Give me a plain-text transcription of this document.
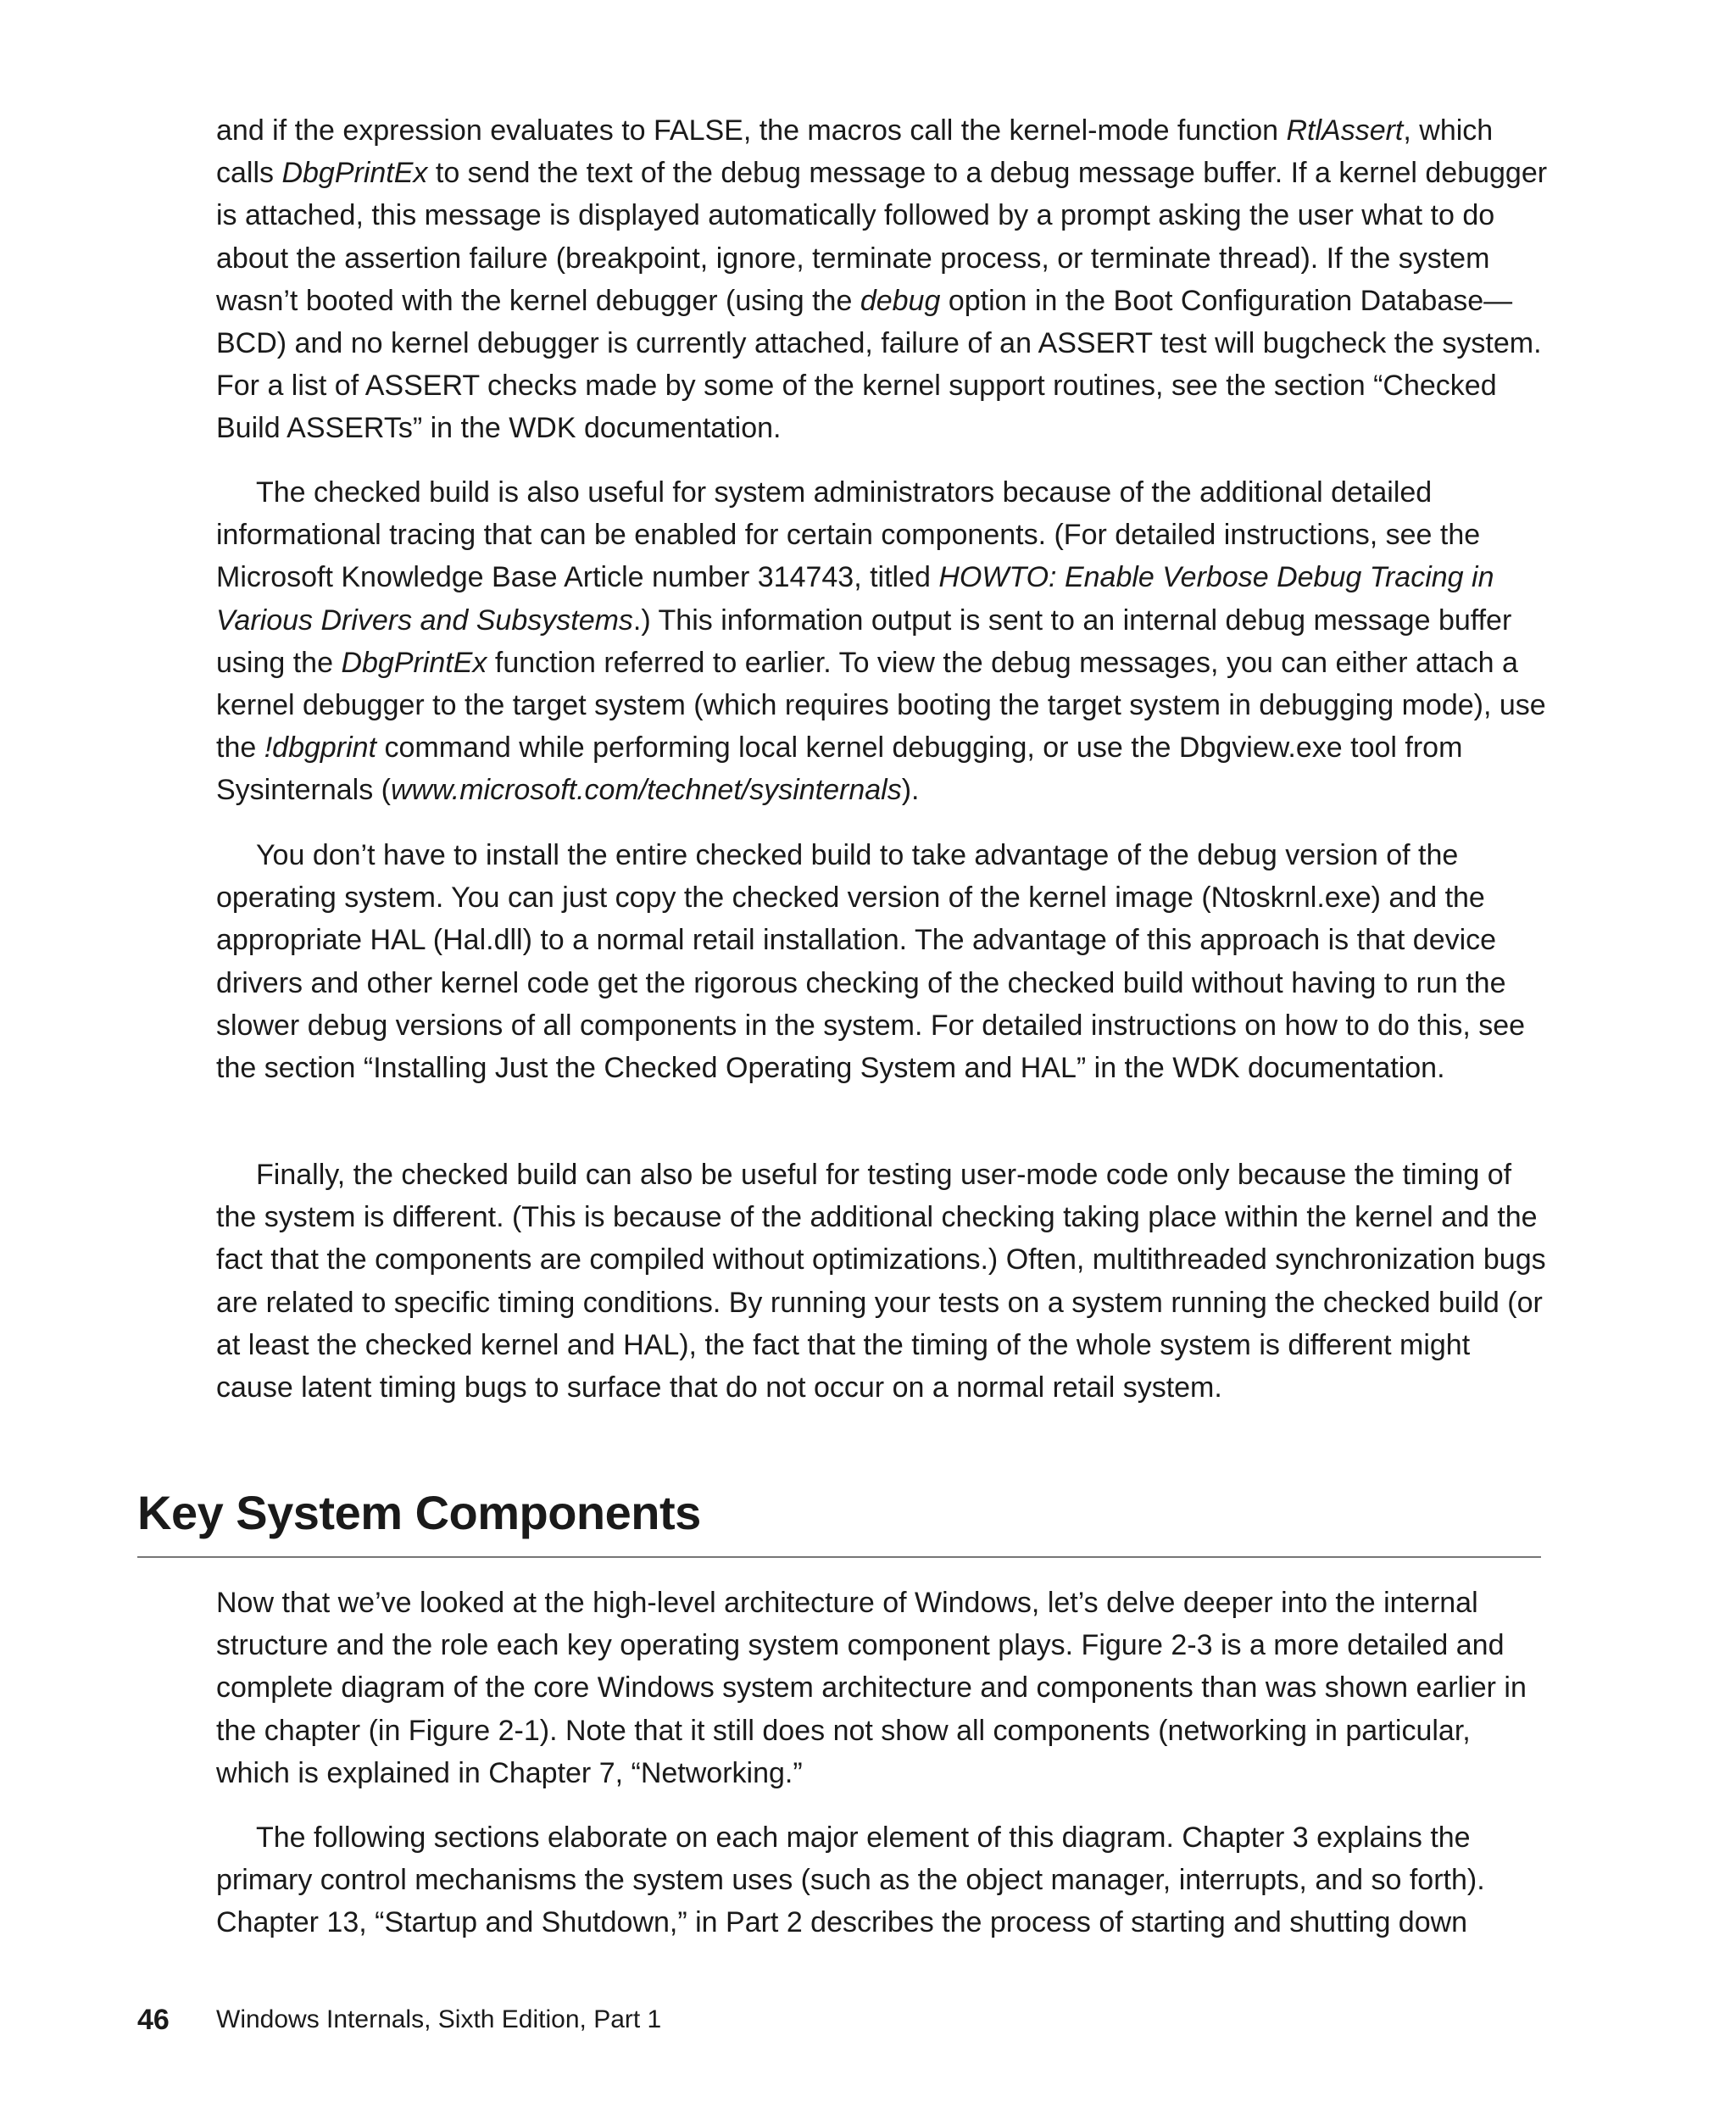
and if the expression evaluates to FALSE, the macros call the kernel-mode function RtlAssert, which calls DbgPrintEx to send the text of the debug message to a debug message buffer. If a kernel debugger is attached, this message is displayed automatically followed by a prompt asking the user what to do about the assertion failure (breakpoint, ignore, terminate process, or terminate thread). If the system wasn’t booted with the kernel debugger (using the debug option in the Boot Configuration Database—BCD) and no kernel debugger is currently attached, failure of an ASSERT test will bugcheck the system. For a list of ASSERT checks made by some of the kernel support routines, see the section “Checked Build ASSERTs” in the WDK documentation.

The checked build is also useful for system administrators because of the additional detailed informational tracing that can be enabled for certain components. (For detailed instructions, see the Microsoft Knowledge Base Article number 314743, titled HOWTO: Enable Verbose Debug Tracing in Various Drivers and Subsystems.) This information output is sent to an internal debug message buffer using the DbgPrintEx function referred to earlier. To view the debug messages, you can either attach a kernel debugger to the target system (which requires booting the target system in debugging mode), use the !dbgprint command while performing local kernel debugging, or use the Dbgview.exe tool from Sysinternals (www.microsoft.com/technet/sysinternals).

You don’t have to install the entire checked build to take advantage of the debug version of the operating system. You can just copy the checked version of the kernel image (Ntoskrnl.exe) and the appropriate HAL (Hal.dll) to a normal retail installation. The advantage of this approach is that device drivers and other kernel code get the rigorous checking of the checked build without having to run the slower debug versions of all components in the system. For detailed instructions on how to do this, see the section “Installing Just the Checked Operating System and HAL” in the WDK documentation.

Finally, the checked build can also be useful for testing user-mode code only because the timing of the system is different. (This is because of the additional checking taking place within the kernel and the fact that the components are compiled without optimizations.) Often, multithreaded synchronization bugs are related to specific timing conditions. By running your tests on a system running the checked build (or at least the checked kernel and HAL), the fact that the timing of the whole system is different might cause latent timing bugs to surface that do not occur on a normal retail system.

Key System Components

Now that we’ve looked at the high-level architecture of Windows, let’s delve deeper into the internal structure and the role each key operating system component plays. Figure 2-3 is a more detailed and complete diagram of the core Windows system architecture and components than was shown earlier in the chapter (in Figure 2-1). Note that it still does not show all components (networking in particular, which is explained in Chapter 7, “Networking.”

The following sections elaborate on each major element of this diagram. Chapter 3 explains the primary control mechanisms the system uses (such as the object manager, interrupts, and so forth). Chapter 13, “Startup and Shutdown,” in Part 2 describes the process of starting and shutting down

46 Windows Internals, Sixth Edition, Part 1
